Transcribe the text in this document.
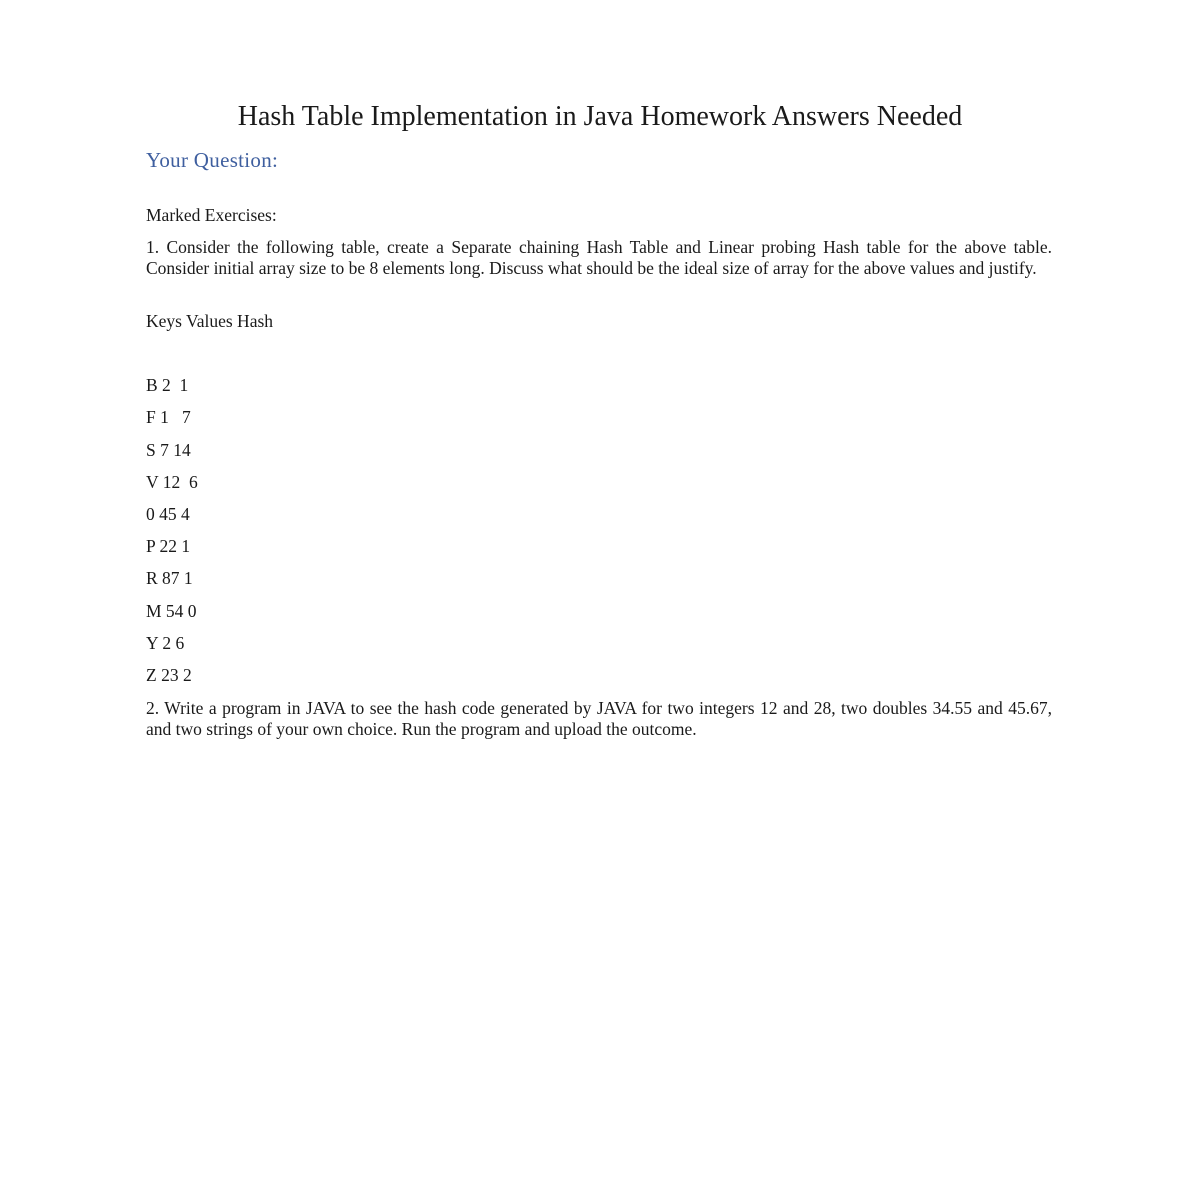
Hash Table Implementation in Java Homework Answers Needed
Your Question:

Marked Exercises:

1. Consider the following table, create a Separate chaining Hash Table and Linear probing Hash table for the above table. Consider initial array size to be 8 elements long. Discuss what should be the ideal size of array for the above values and justify.

Keys Values Hash

B 2  1
F 1   7
S 7 14
V 12  6
0 45 4
P 22 1
R 87 1
M 54 0
Y 2 6
Z 23 2

2. Write a program in JAVA to see the hash code generated by JAVA for two integers 12 and 28, two doubles 34.55 and 45.67, and two strings of your own choice. Run the program and upload the outcome.
